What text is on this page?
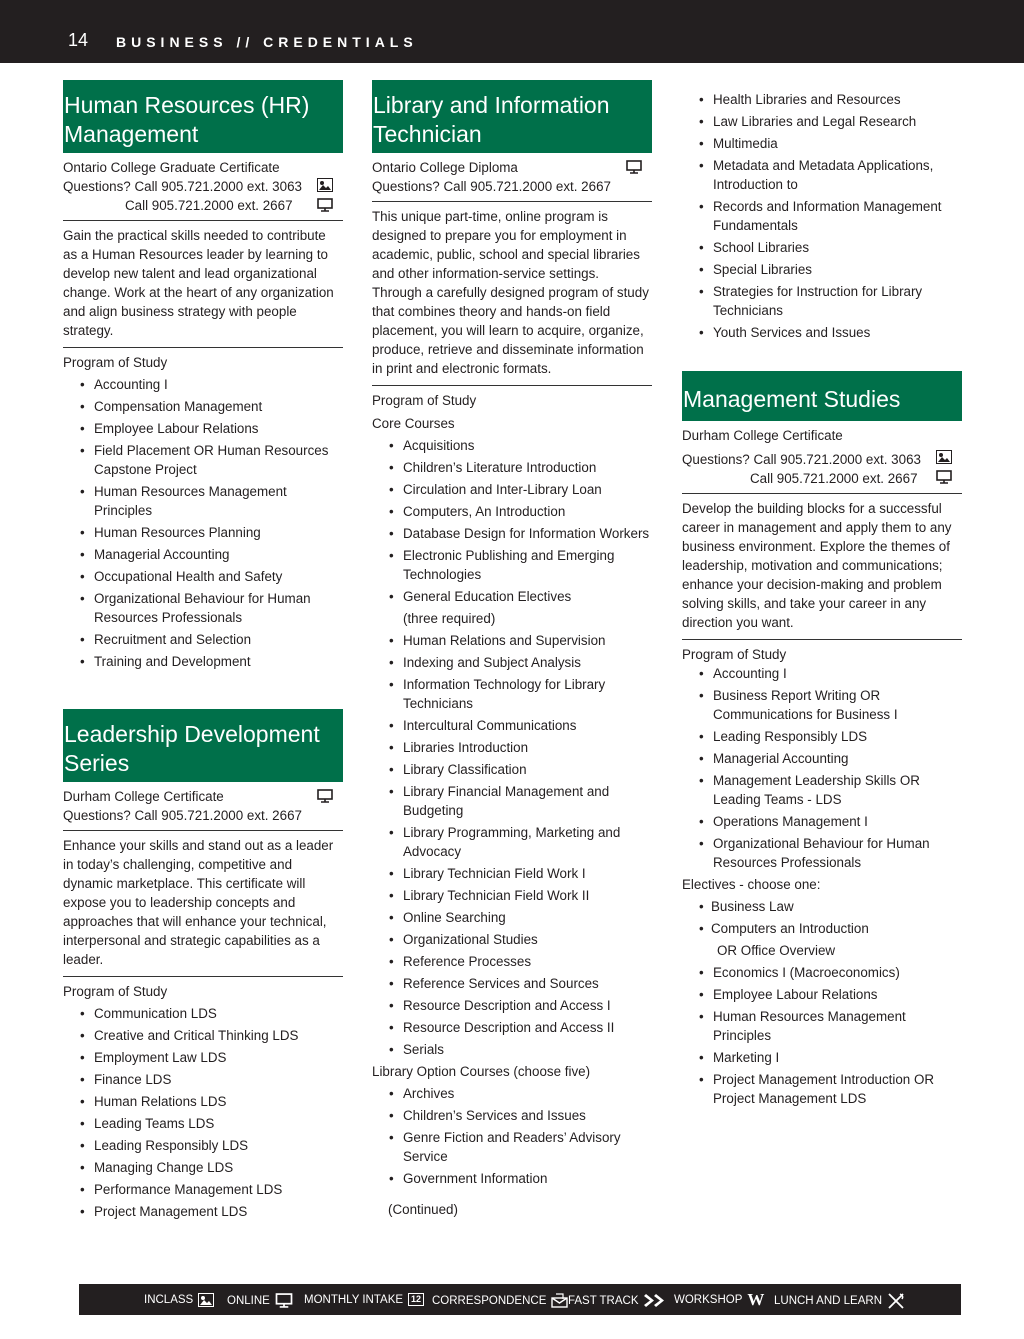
14 BUSINESS // CREDENTIALS
Human Resources (HR) Management
Ontario College Graduate Certificate
Questions? Call 905.721.2000 ext. 3063
Call 905.721.2000 ext. 2667
Gain the practical skills needed to contribute as a Human Resources leader by learning to develop new talent and lead organizational change. Work at the heart of any organization and align business strategy with people strategy.
Program of Study
• Accounting I
• Compensation Management
• Employee Labour Relations
• Field Placement OR Human Resources Capstone Project
• Human Resources Management Principles
• Human Resources Planning
• Managerial Accounting
• Occupational Health and Safety
• Organizational Behaviour for Human Resources Professionals
• Recruitment and Selection
• Training and Development
Leadership Development Series
Durham College Certificate
Questions? Call 905.721.2000 ext. 2667
Enhance your skills and stand out as a leader in today’s challenging, competitive and dynamic marketplace. This certificate will expose you to leadership concepts and approaches that will enhance your technical, interpersonal and strategic capabilities as a leader.
Program of Study
• Communication LDS
• Creative and Critical Thinking LDS
• Employment Law LDS
• Finance LDS
• Human Relations LDS
• Leading Teams LDS
• Leading Responsibly LDS
• Managing Change LDS
• Performance Management LDS
• Project Management LDS
Library and Information Technician
Ontario College Diploma
Questions? Call 905.721.2000 ext. 2667
This unique part-time, online program is designed to prepare you for employment in academic, public, school and special libraries and other information-service settings. Through a carefully designed program of study that combines theory and hands-on field placement, you will learn to acquire, organize, produce, retrieve and disseminate information in print and electronic formats.
Program of Study
Core Courses
• Acquisitions
• Children’s Literature Introduction
• Circulation and Inter-Library Loan
• Computers, An Introduction
• Database Design for Information Workers
• Electronic Publishing and Emerging Technologies
• General Education Electives
(three required)
• Human Relations and Supervision
• Indexing and Subject Analysis
• Information Technology for Library Technicians
• Intercultural Communications
• Libraries Introduction
• Library Classification
• Library Financial Management and Budgeting
• Library Programming, Marketing and Advocacy
• Library Technician Field Work I
• Library Technician Field Work II
• Online Searching
• Organizational Studies
• Reference Processes
• Reference Services and Sources
• Resource Description and Access I
• Resource Description and Access II
• Serials
Library Option Courses (choose five)
• Archives
• Children’s Services and Issues
• Genre Fiction and Readers’ Advisory Service
• Government Information
(Continued)
• Health Libraries and Resources
• Law Libraries and Legal Research
• Multimedia
• Metadata and Metadata Applications, Introduction to
• Records and Information Management Fundamentals
• School Libraries
• Special Libraries
• Strategies for Instruction for Library Technicians
• Youth Services and Issues
Management Studies
Durham College Certificate
Questions? Call 905.721.2000 ext. 3063
Call 905.721.2000 ext. 2667
Develop the building blocks for a successful career in management and apply them to any business environment. Explore the themes of leadership, motivation and communications; enhance your decision-making and problem solving skills, and take your career in any direction you want.
Program of Study
• Accounting I
• Business Report Writing OR Communications for Business I
• Leading Responsibly LDS
• Managerial Accounting
• Management Leadership Skills OR Leading Teams - LDS
• Operations Management I
• Organizational Behaviour for Human Resources Professionals
Electives - choose one:
• Business Law
• Computers an Introduction
OR Office Overview
• Economics I (Macroeconomics)
• Employee Labour Relations
• Human Resources Management Principles
• Marketing I
• Project Management Introduction OR Project Management LDS
INCLASS	ONLINE	MONTHLY INTAKE 12 CORRESPONDENCE FAST TRACK	WORKSHOP W LUNCH AND LEARN
